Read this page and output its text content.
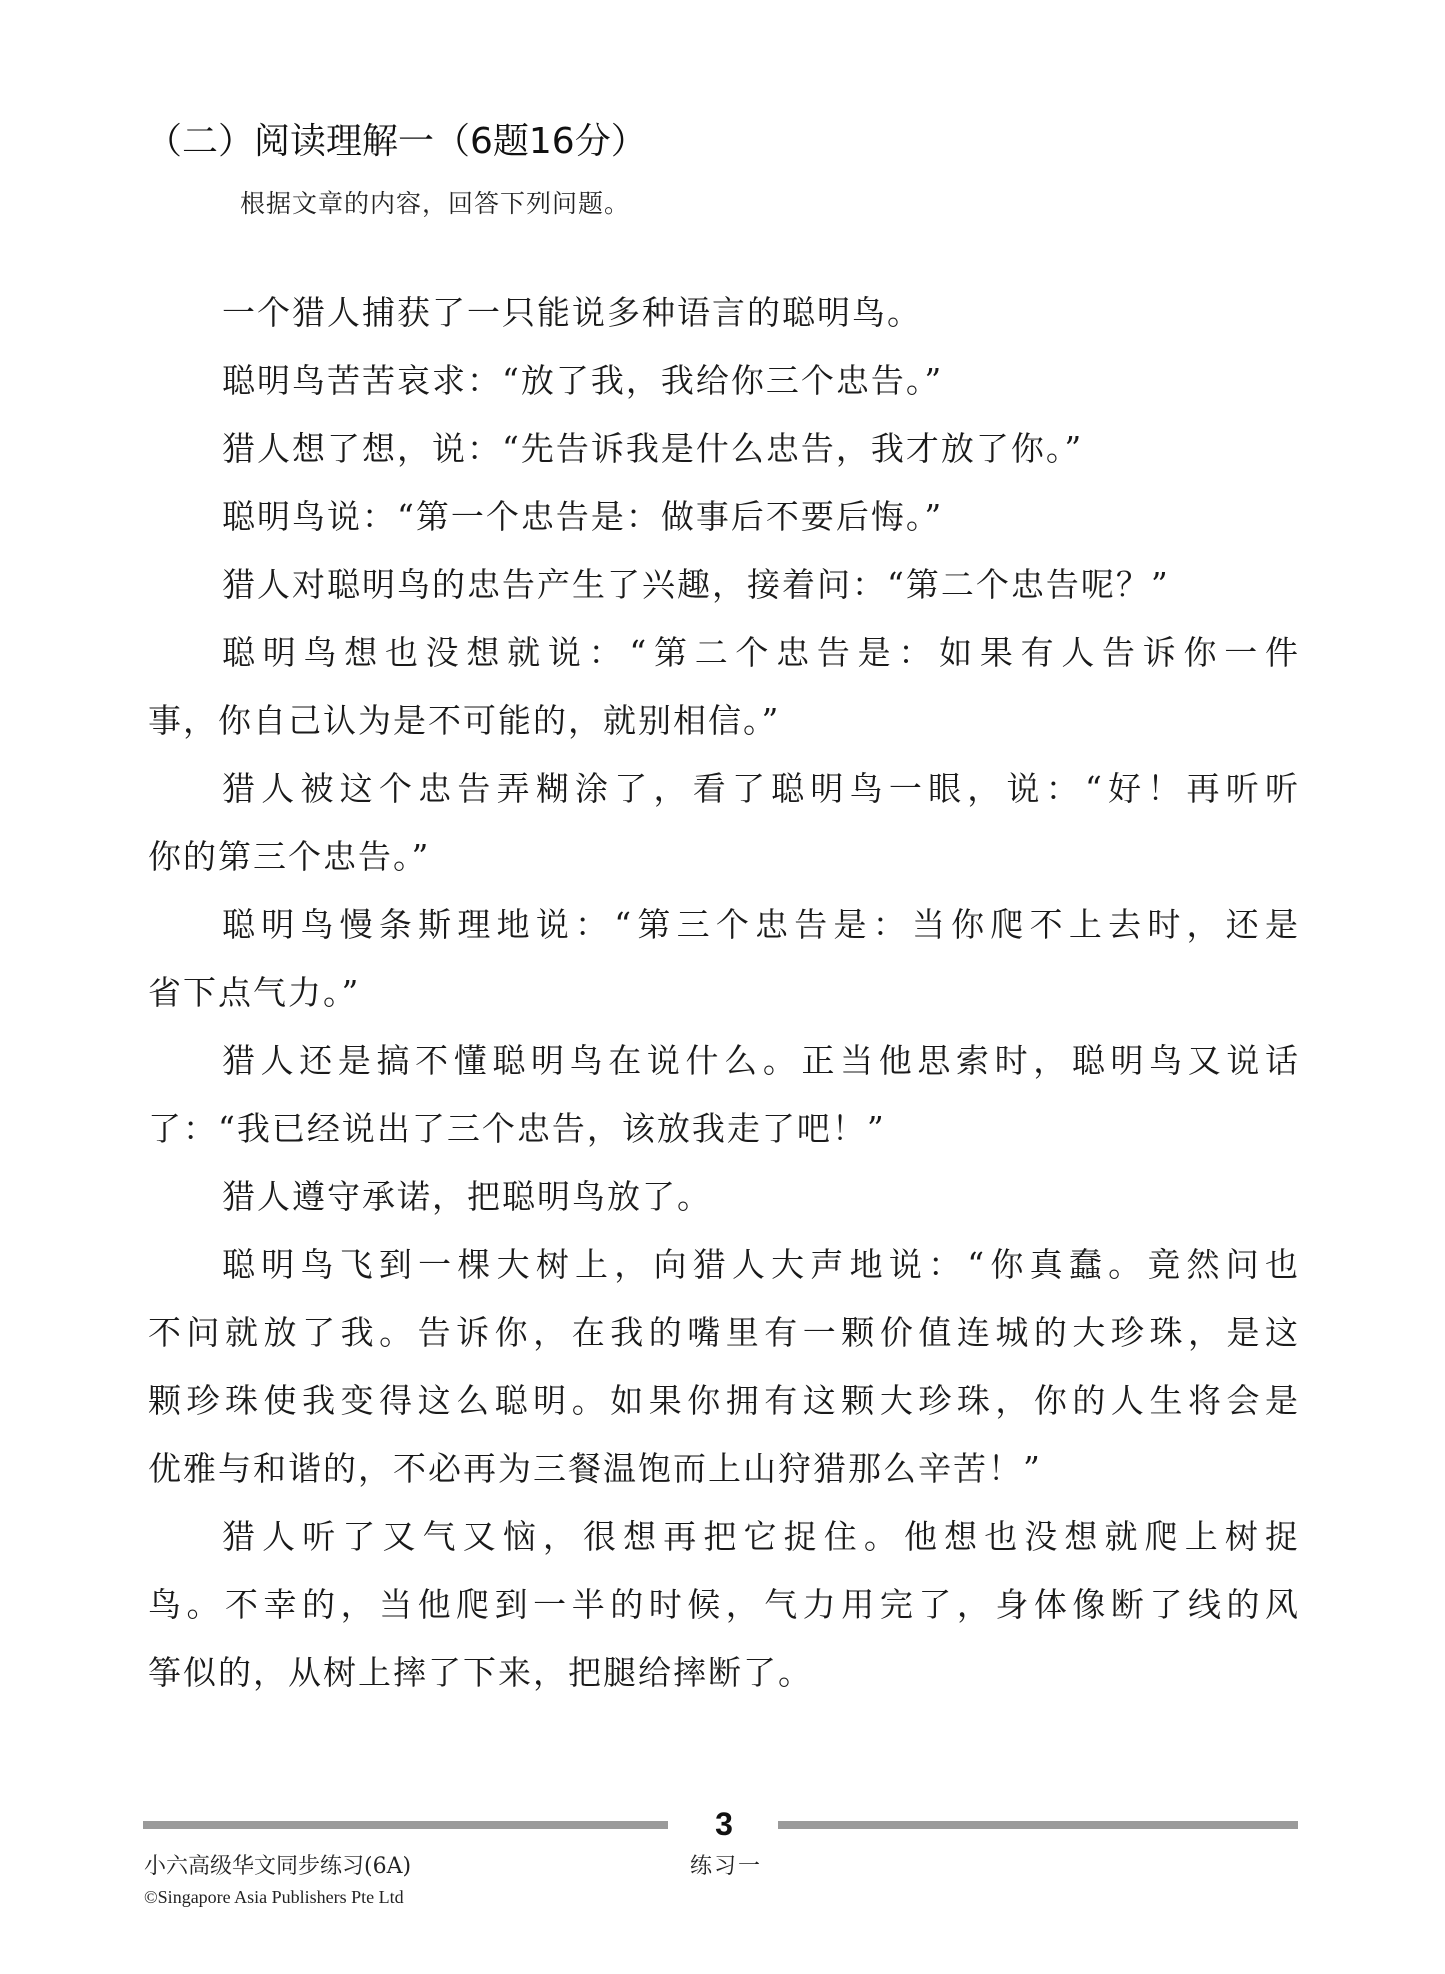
（二）阅读理解一（6题16分）
根据文章的内容，回答下列问题。
一个猎人捕获了一只能说多种语言的聪明鸟。
聪明鸟苦苦哀求：“放了我，我给你三个忠告。”
猎人想了想，说：“先告诉我是什么忠告，我才放了你。”
聪明鸟说：“第一个忠告是：做事后不要后悔。”
猎人对聪明鸟的忠告产生了兴趣，接着问：“第二个忠告呢？”
聪明鸟想也没想就说：“第二个忠告是：如果有人告诉你一件
事，你自己认为是不可能的，就别相信。”
猎人被这个忠告弄糊涂了，看了聪明鸟一眼，说：“好！再听听
你的第三个忠告。”
聪明鸟慢条斯理地说：“第三个忠告是：当你爬不上去时，还是
省下点气力。”
猎人还是搞不懂聪明鸟在说什么。正当他思索时，聪明鸟又说话
了：“我已经说出了三个忠告，该放我走了吧！”
猎人遵守承诺，把聪明鸟放了。
聪明鸟飞到一棵大树上，向猎人大声地说：“你真蠢。竟然问也
不问就放了我。告诉你，在我的嘴里有一颗价值连城的大珍珠，是这
颗珍珠使我变得这么聪明。如果你拥有这颗大珍珠，你的人生将会是
优雅与和谐的，不必再为三餐温饱而上山狩猎那么辛苦！”
猎人听了又气又恼，很想再把它捉住。他想也没想就爬上树捉
鸟。不幸的，当他爬到一半的时候，气力用完了，身体像断了线的风
筝似的，从树上摔了下来，把腿给摔断了。
3
小六高级华文同步练习(6A)	练习一
©Singapore Asia Publishers Pte Ltd
